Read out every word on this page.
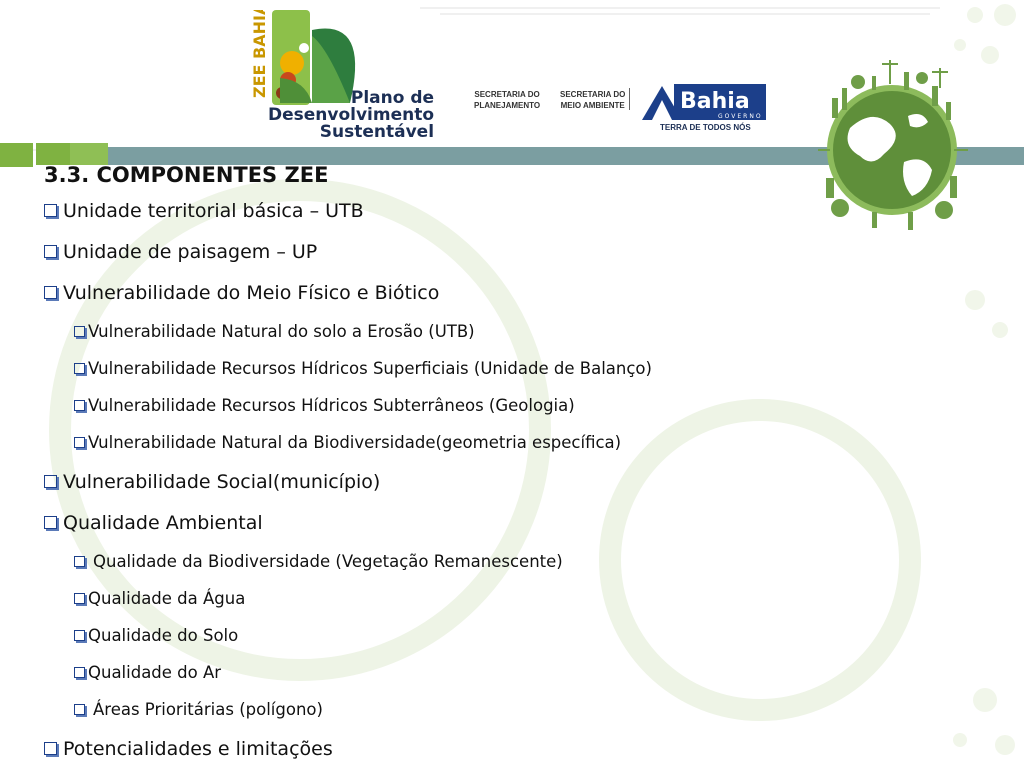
ZEE BAHIA	Plano de
Desenvolvimento
Sustentável
SECRETARIA DO
PLANEJAMENTO
SECRETARIA DO
MEIO AMBIENTE	Bahia
GOVERNO
TERRA DE TODOS NÓS
3.3. COMPONENTES ZEE
Unidade territorial básica – UTB
Unidade de paisagem – UP
Vulnerabilidade do Meio Físico e Biótico
Vulnerabilidade Natural do solo a Erosão (UTB)
Vulnerabilidade Recursos Hídricos Superficiais (Unidade de Balanço)
Vulnerabilidade Recursos Hídricos Subterrâneos (Geologia)
Vulnerabilidade Natural da Biodiversidade(geometria específica)
Vulnerabilidade Social(município)
Qualidade Ambiental
Qualidade da Biodiversidade (Vegetação Remanescente)
Qualidade da Água
Qualidade do Solo
Qualidade do Ar
Áreas Prioritárias (polígono)
Potencialidades e limitações
